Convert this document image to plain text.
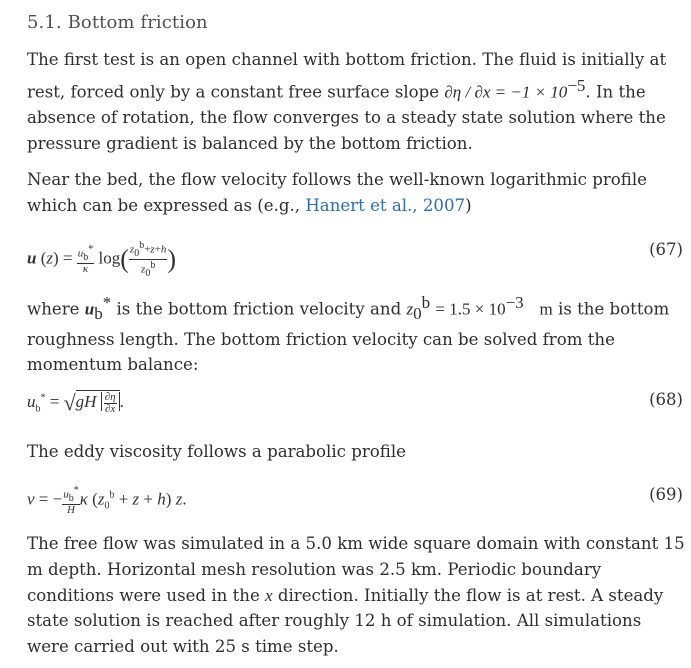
5.1. Bottom friction

The first test is an open channel with bottom friction. The fluid is initially at rest, forced only by a constant free surface slope $\partial\eta / \partial x = -1 \times 10^{-5}$. In the absence of rotation, the flow converges to a steady state solution where the pressure gradient is balanced by the bottom friction.

Near the bed, the flow velocity follows the well-known logarithmic profile which can be expressed as (e.g., Hanert et al., 2007)

u $(z) = \frac{u_b^*}{\kappa} \log( \frac{z_0^b+z+h}{z_0^b}$ )	(67)

where $u_b^*$ is the bottom friction velocity and $z_0^b = 1.5 \times 10^{-3}$ m is the bottom roughness length. The bottom friction velocity can be solved from the momentum balance:

$u_b^* = √gH \frac{\partial\eta}{\partial x}$ .	(68)

The eddy viscosity follows a parabolic profile

ν = − $\frac{u_b^*}{H}$ κ $(z_0^b + z + h)$ z.	(69)

The free flow was simulated in a 5.0 km wide square domain with constant 15 m depth. Horizontal mesh resolution was 2.5 km. Periodic boundary conditions were used in the x direction. Initially the flow is at rest. A steady state solution is reached after roughly 12 h of simulation. All simulations were carried out with 25 s time step.
